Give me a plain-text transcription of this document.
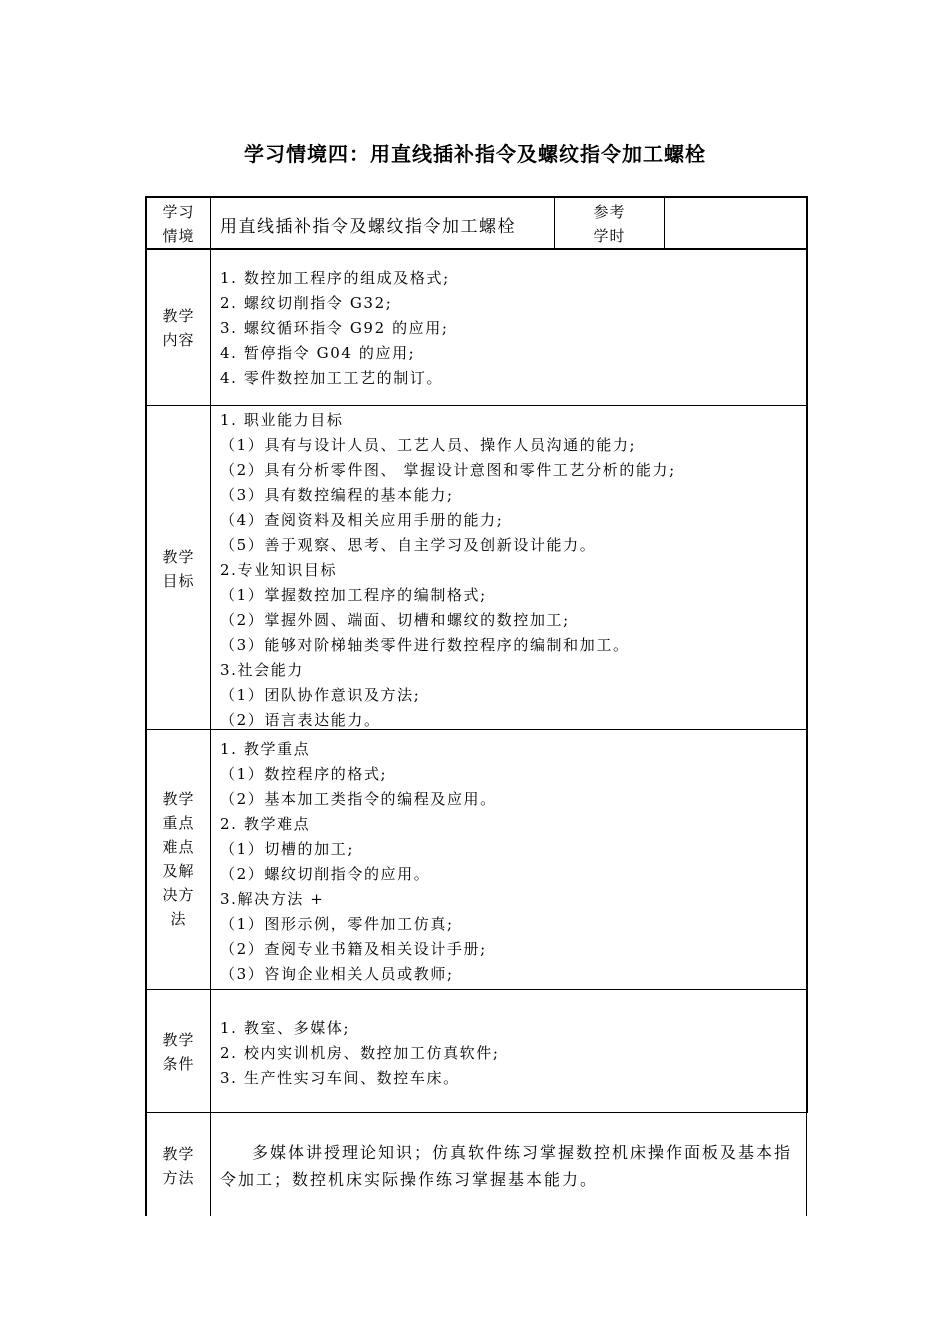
学习情境四：用直线插补指令及螺纹指令加工螺栓
学习
情境	用直线插补指令及螺纹指令加工螺栓
参考
学时
教学
内容
1. 数控加工程序的组成及格式;
2. 螺纹切削指令 G32;
3. 螺纹循环指令 G92 的应用;
4. 暂停指令 G04 的应用;
4. 零件数控加工工艺的制订。
教学
目标
1. 职业能力目标
（1）具有与设计人员、工艺人员、操作人员沟通的能力;
（2）具有分析零件图、 掌握设计意图和零件工艺分析的能力;
（3）具有数控编程的基本能力;
（4）查阅资料及相关应用手册的能力;
（5）善于观察、思考、自主学习及创新设计能力。
2.专业知识目标
（1）掌握数控加工程序的编制格式;
（2）掌握外圆、端面、切槽和螺纹的数控加工;
（3）能够对阶梯轴类零件进行数控程序的编制和加工。
3.社会能力
（1）团队协作意识及方法;
（2）语言表达能力。
教学
重点
难点
及解
决方
法
1. 教学重点
（1）数控程序的格式;
（2）基本加工类指令的编程及应用。
2. 教学难点
（1）切槽的加工;
（2）螺纹切削指令的应用。
3.解决方法 +
（1）图形示例，零件加工仿真;
（2）查阅专业书籍及相关设计手册;
（3）咨询企业相关人员或教师;
教学
条件
1. 教室、多媒体;
2. 校内实训机房、数控加工仿真软件;
3. 生产性实习车间、数控车床。
教学
方法
多媒体讲授理论知识；仿真软件练习掌握数控机床操作面板及基本指令加工；数控机床实际操作练习掌握基本能力。
